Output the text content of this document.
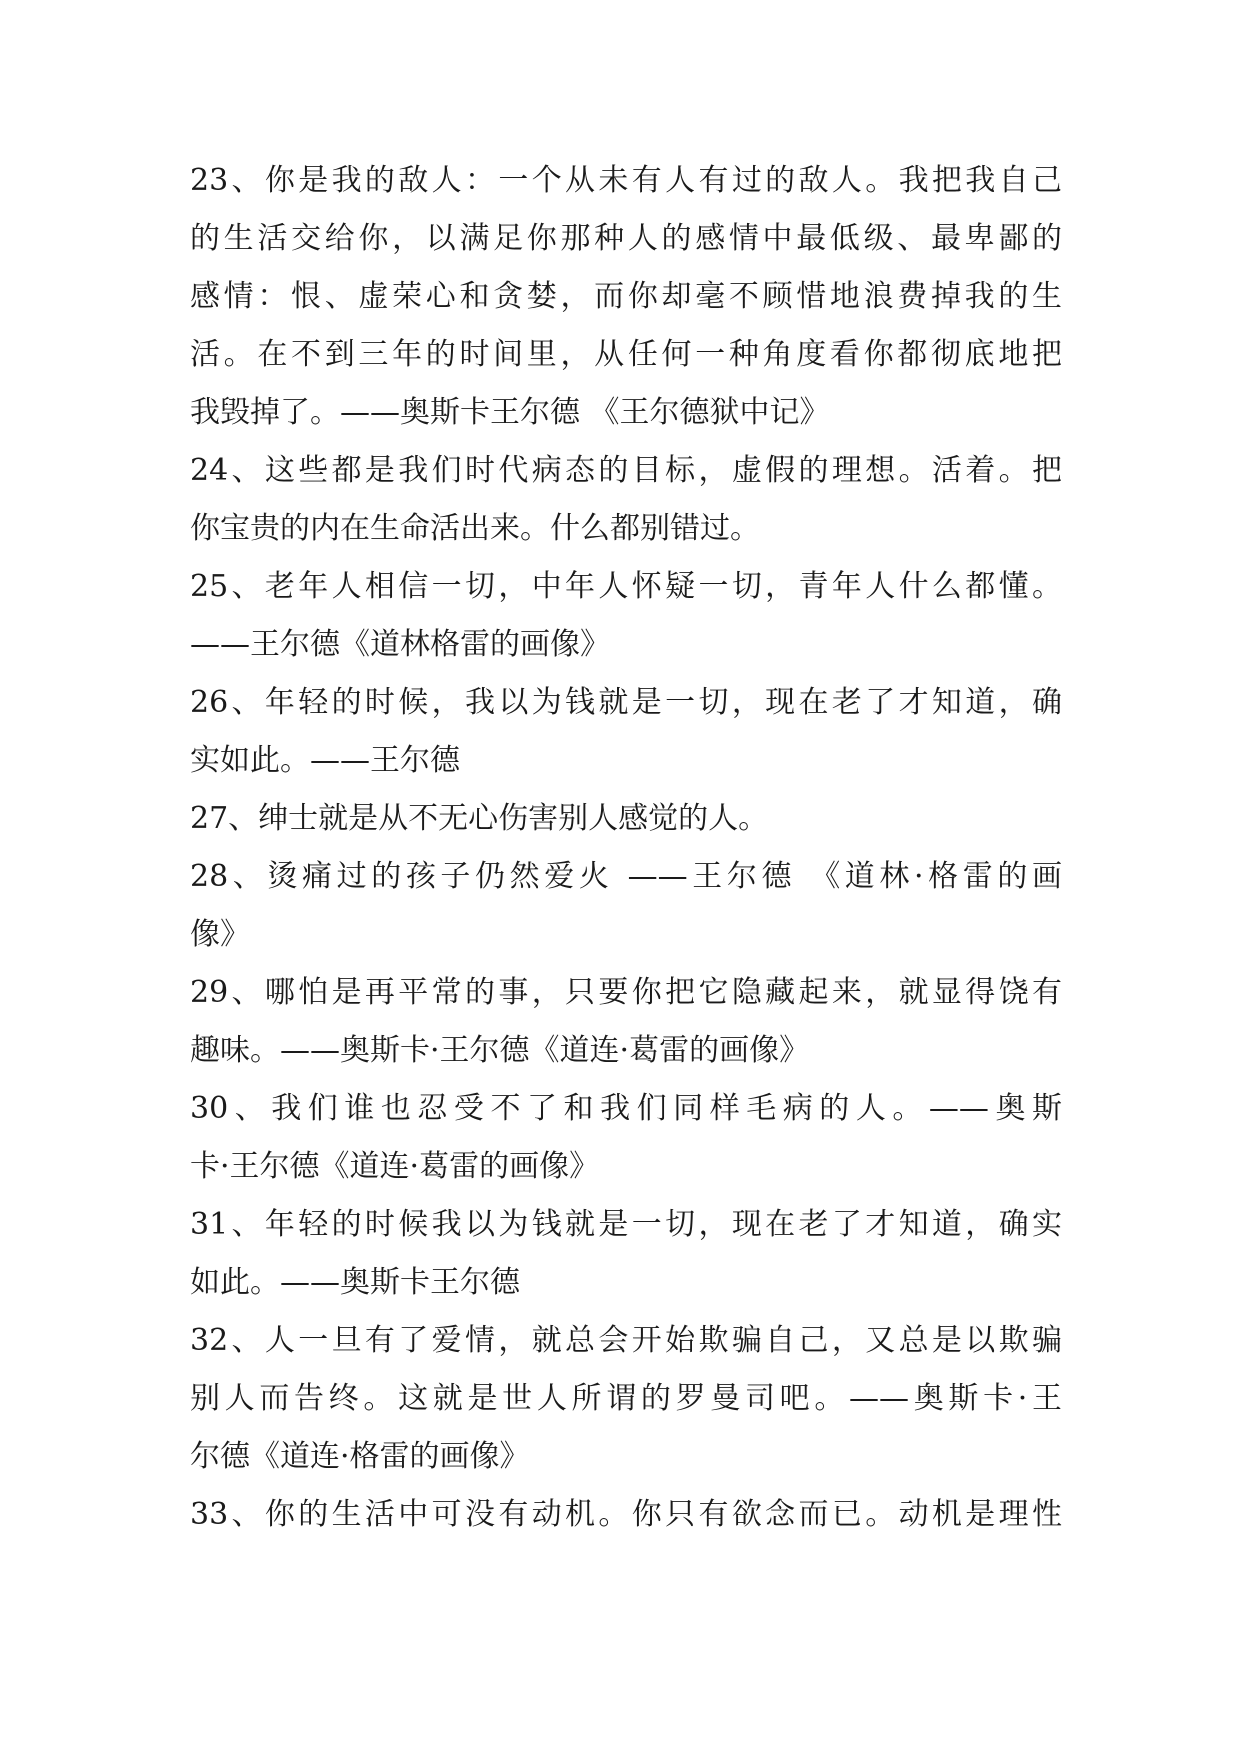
23、你是我的敌人：一个从未有人有过的敌人。我把我自己
的生活交给你，以满足你那种人的感情中最低级、最卑鄙的
感情：恨、虚荣心和贪婪，而你却毫不顾惜地浪费掉我的生
活。在不到三年的时间里，从任何一种角度看你都彻底地把
我毁掉了。——奥斯卡王尔德 《王尔德狱中记》
24、这些都是我们时代病态的目标，虚假的理想。活着。把
你宝贵的内在生命活出来。什么都别错过。
25、老年人相信一切，中年人怀疑一切，青年人什么都懂。
——王尔德《道林格雷的画像》
26、年轻的时候，我以为钱就是一切，现在老了才知道，确
实如此。——王尔德
27、绅士就是从不无心伤害别人感觉的人。
28、烫痛过的孩子仍然爱火 ——王尔德 《道林·格雷的画
像》
29、哪怕是再平常的事，只要你把它隐藏起来，就显得饶有
趣味。——奥斯卡·王尔德《道连·葛雷的画像》
30、我们谁也忍受不了和我们同样毛病的人。——奥斯
卡·王尔德《道连·葛雷的画像》
31、年轻的时候我以为钱就是一切，现在老了才知道，确实
如此。——奥斯卡王尔德
32、人一旦有了爱情，就总会开始欺骗自己，又总是以欺骗
别人而告终。这就是世人所谓的罗曼司吧。——奥斯卡·王
尔德《道连·格雷的画像》
33、你的生活中可没有动机。你只有欲念而已。动机是理性
